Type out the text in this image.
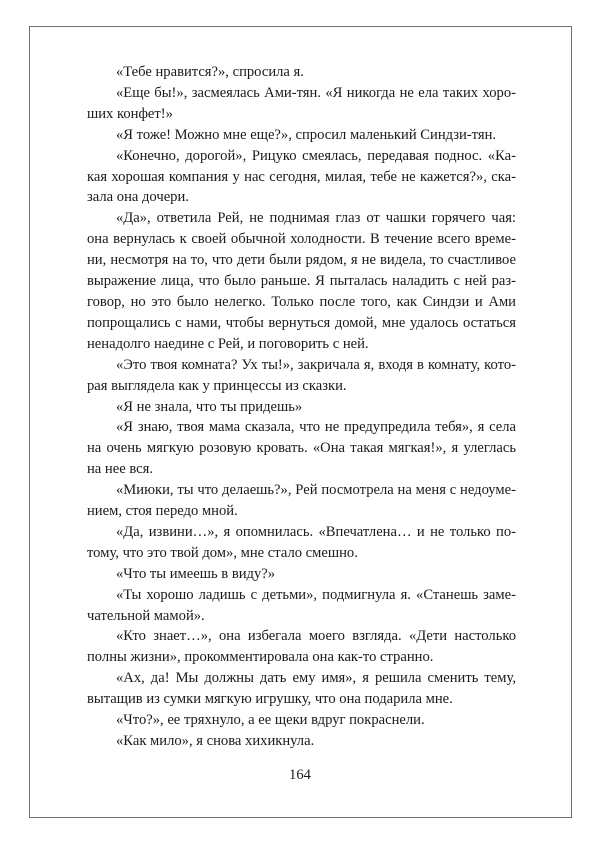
«Тебе нравится?», спросила я.

«Еще бы!», засмеялась Ами-тян. «Я никогда не ела таких хороших конфет!»

«Я тоже! Можно мне еще?», спросил маленький Синдзи-тян.

«Конечно, дорогой», Рицуко смеялась, передавая поднос. «Какая хорошая компания у нас сегодня, милая, тебе не кажется?», сказала она дочери.

«Да», ответила Рей, не поднимая глаз от чашки горячего чая: она вернулась к своей обычной холодности. В течение всего времени, несмотря на то, что дети были рядом, я не видела, то счастливое выражение лица, что было раньше. Я пыталась наладить с ней разговор, но это было нелегко. Только после того, как Синдзи и Ами попрощались с нами, чтобы вернуться домой, мне удалось остаться ненадолго наедине с Рей, и поговорить с ней.

«Это твоя комната? Ух ты!», закричала я, входя в комнату, которая выглядела как у принцессы из сказки.

«Я не знала, что ты придешь»

«Я знаю, твоя мама сказала, что не предупредила тебя», я села на очень мягкую розовую кровать. «Она такая мягкая!», я улеглась на нее вся.

«Миюки, ты что делаешь?», Рей посмотрела на меня с недоумением, стоя передо мной.

«Да, извини…», я опомнилась. «Впечатлена… и не только потому, что это твой дом», мне стало смешно.

«Что ты имеешь в виду?»

«Ты хорошо ладишь с детьми», подмигнула я. «Станешь замечательной мамой».

«Кто знает…», она избегала моего взгляда. «Дети настолько полны жизни», прокомментировала она как-то странно.

«Ах, да! Мы должны дать ему имя», я решила сменить тему, вытащив из сумки мягкую игрушку, что она подарила мне.

«Что?», ее тряхнуло, а ее щеки вдруг покраснели.

«Как мило», я снова хихикнула.

164
